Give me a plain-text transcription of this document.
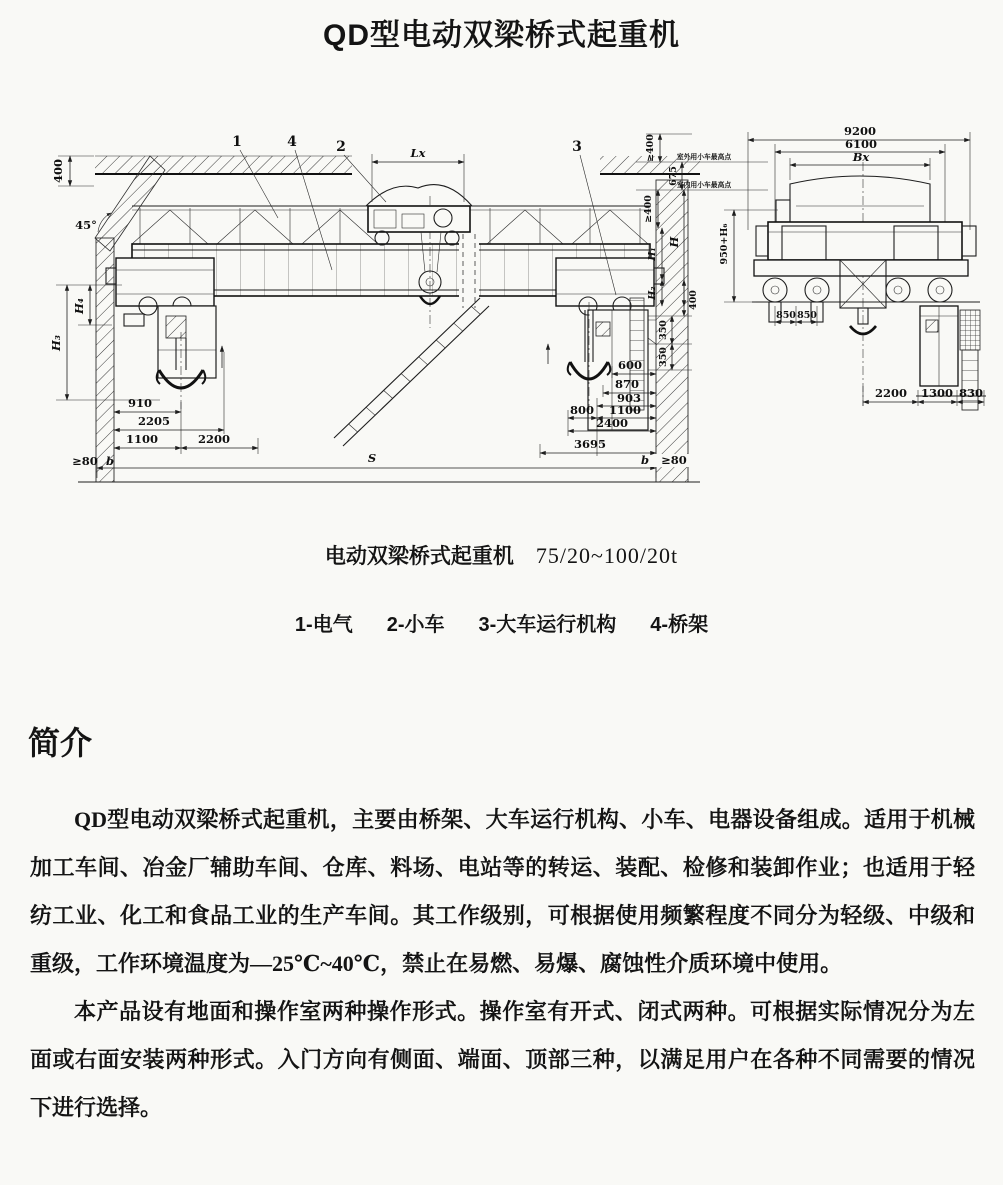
QD型电动双梁桥式起重机
1	4	2	3
Lx
400
45°
H₄
H₃
910
2205
1100	2200
S
≥80 b	b ≥80
室外用小车最高点
室内用小车最高点
≥400
675
≥400
H
H₁
H₂	400
350
350
600
870
903
800 1100
2400
3695
9200
6100
Bx
850 850
950+H₆
2200 1300 830
电动双梁桥式起重机 75/20~100/20t
1-电气 2-小车 3-大车运行机构 4-桥架
简介

QD型电动双梁桥式起重机，主要由桥架、大车运行机构、小车、电器设备组成。适用于机械加工车间、冶金厂辅助车间、仓库、料场、电站等的转运、装配、检修和装卸作业；也适用于轻纺工业、化工和食品工业的生产车间。其工作级别，可根据使用频繁程度不同分为轻级、中级和重级，工作环境温度为—25℃~40℃，禁止在易燃、易爆、腐蚀性介质环境中使用。

本产品设有地面和操作室两种操作形式。操作室有开式、闭式两种。可根据实际情况分为左面或右面安装两种形式。入门方向有侧面、端面、顶部三种，以满足用户在各种不同需要的情况下进行选择。
